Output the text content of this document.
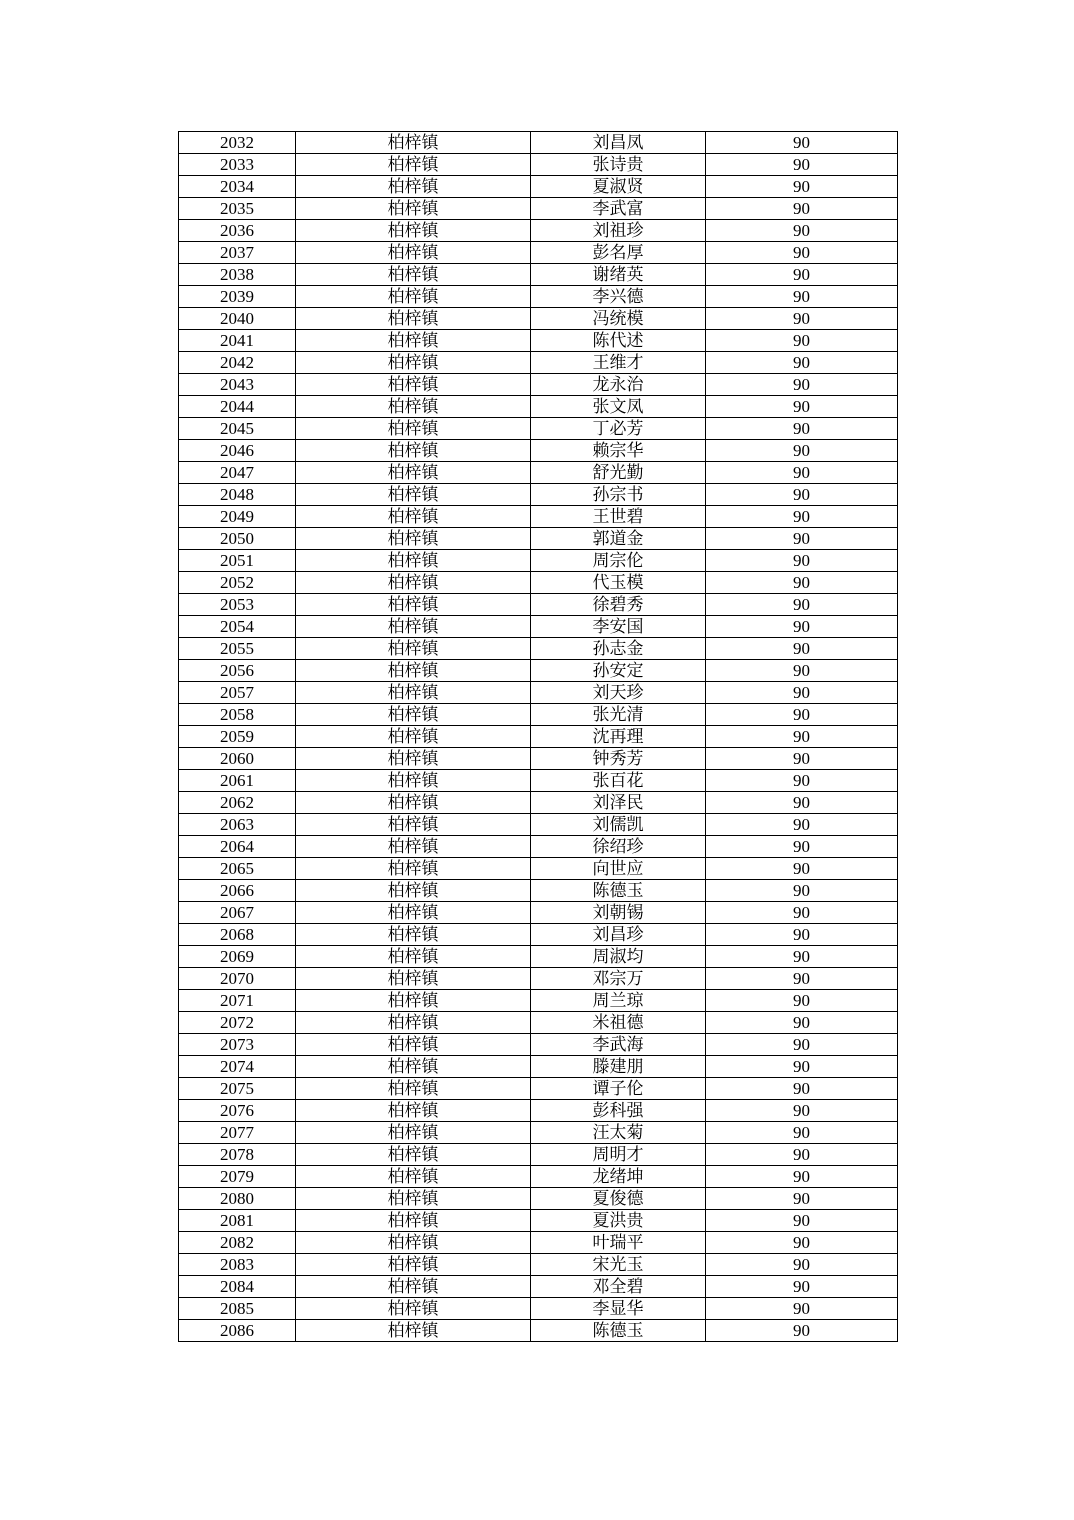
2032	柏梓镇	刘昌凤	90
2033	柏梓镇	张诗贵	90
2034	柏梓镇	夏淑贤	90
2035	柏梓镇	李武富	90
2036	柏梓镇	刘祖珍	90
2037	柏梓镇	彭名厚	90
2038	柏梓镇	谢绪英	90
2039	柏梓镇	李兴德	90
2040	柏梓镇	冯统模	90
2041	柏梓镇	陈代述	90
2042	柏梓镇	王维才	90
2043	柏梓镇	龙永治	90
2044	柏梓镇	张文凤	90
2045	柏梓镇	丁必芳	90
2046	柏梓镇	赖宗华	90
2047	柏梓镇	舒光勤	90
2048	柏梓镇	孙宗书	90
2049	柏梓镇	王世碧	90
2050	柏梓镇	郭道金	90
2051	柏梓镇	周宗伦	90
2052	柏梓镇	代玉模	90
2053	柏梓镇	徐碧秀	90
2054	柏梓镇	李安国	90
2055	柏梓镇	孙志金	90
2056	柏梓镇	孙安定	90
2057	柏梓镇	刘天珍	90
2058	柏梓镇	张光清	90
2059	柏梓镇	沈再理	90
2060	柏梓镇	钟秀芳	90
2061	柏梓镇	张百花	90
2062	柏梓镇	刘泽民	90
2063	柏梓镇	刘儒凯	90
2064	柏梓镇	徐绍珍	90
2065	柏梓镇	向世应	90
2066	柏梓镇	陈德玉	90
2067	柏梓镇	刘朝锡	90
2068	柏梓镇	刘昌珍	90
2069	柏梓镇	周淑均	90
2070	柏梓镇	邓宗万	90
2071	柏梓镇	周兰琼	90
2072	柏梓镇	米祖德	90
2073	柏梓镇	李武海	90
2074	柏梓镇	滕建朋	90
2075	柏梓镇	谭子伦	90
2076	柏梓镇	彭科强	90
2077	柏梓镇	汪太菊	90
2078	柏梓镇	周明才	90
2079	柏梓镇	龙绪坤	90
2080	柏梓镇	夏俊德	90
2081	柏梓镇	夏洪贵	90
2082	柏梓镇	叶瑞平	90
2083	柏梓镇	宋光玉	90
2084	柏梓镇	邓全碧	90
2085	柏梓镇	李显华	90
2086	柏梓镇	陈德玉	90
